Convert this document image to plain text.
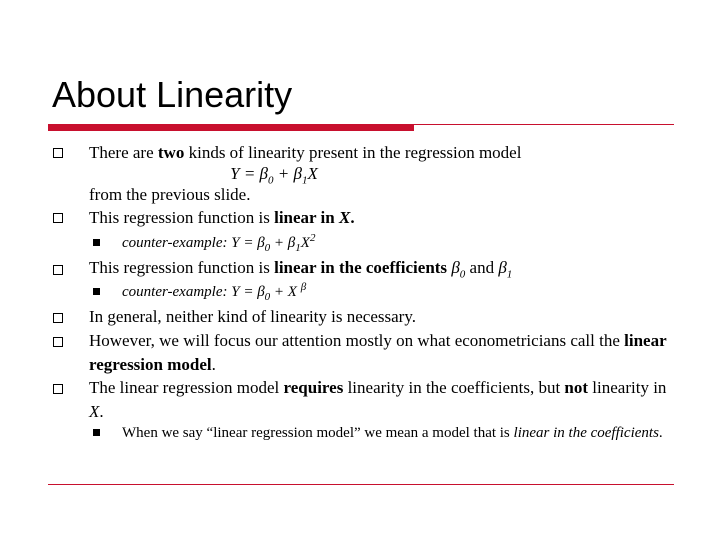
About Linearity
There are two kinds of linearity present in the regression model
$Y = \beta_0 + \beta_1X$
from the previous slide.
This regression function is linear in X.
counter-example: $Y = \beta_0 + \beta_1X^2$
This regression function is linear in the coefficients $\beta_0$ and $\beta_1$
counter-example: $Y = \beta_0 + X$ $^\beta$
In general, neither kind of linearity is necessary.
However, we will focus our attention mostly on what econometricians call the linear regression model.
The linear regression model requires linearity in the coefficients, but not linearity in X.
When we say “linear regression model” we mean a model that is linear in the coefficients.
